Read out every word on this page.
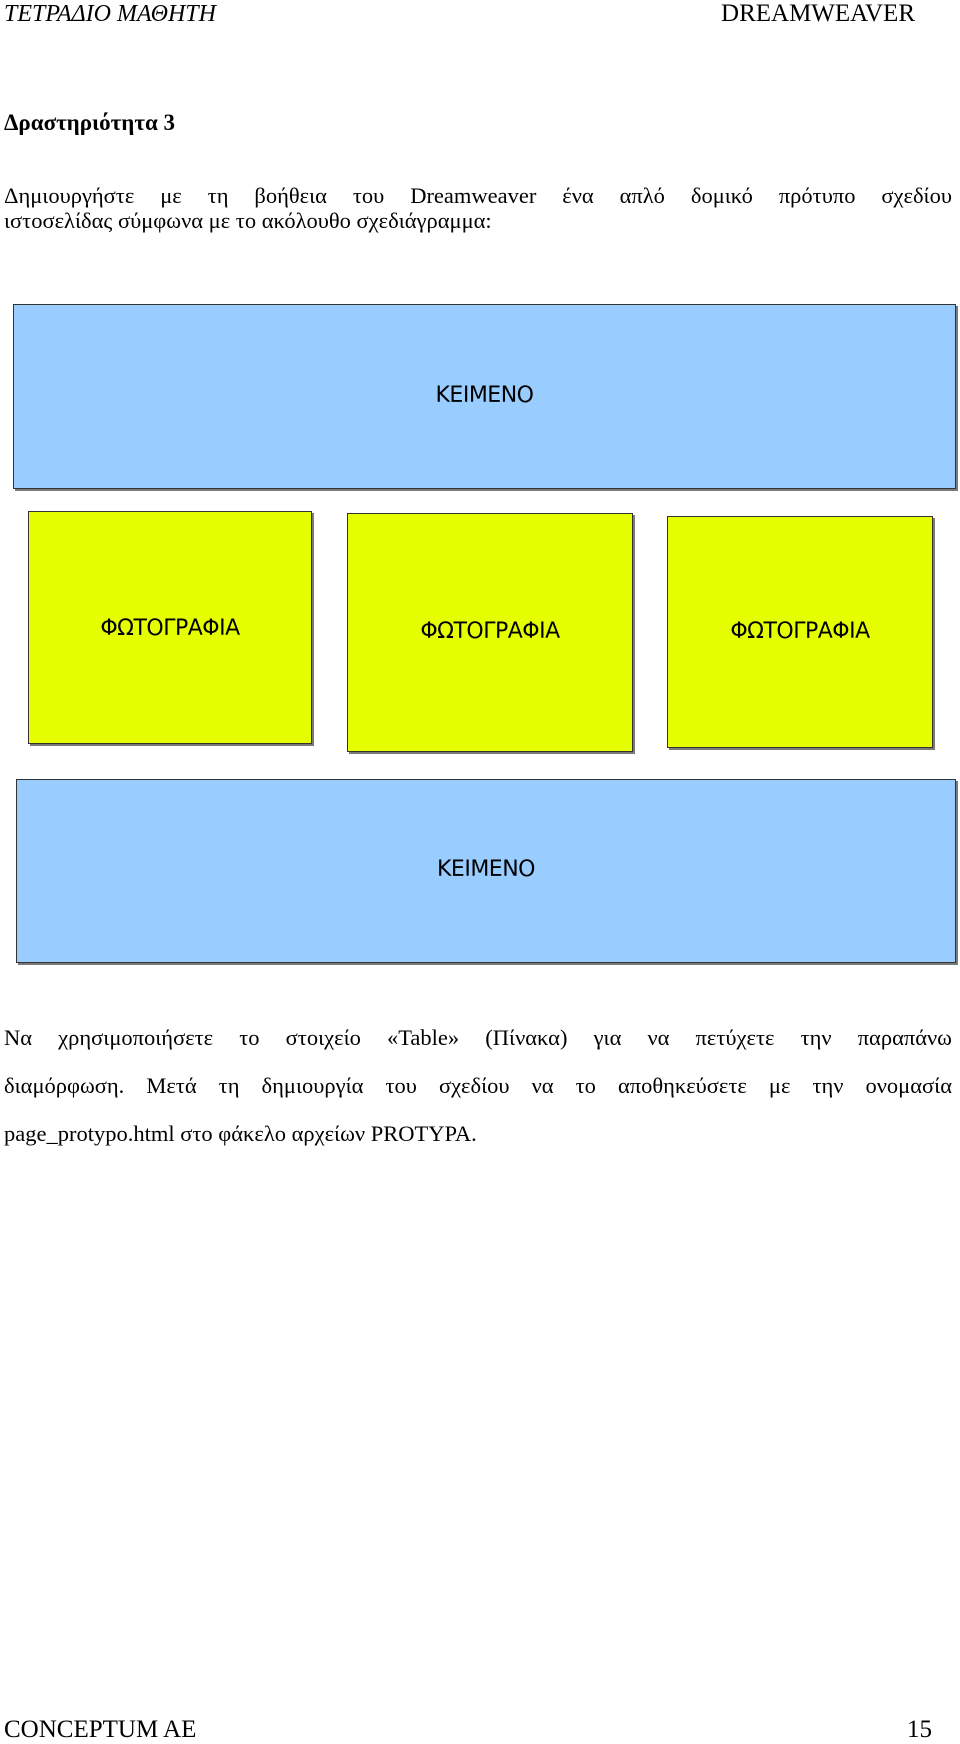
ΤΕΤΡΑΔΙΟ ΜΑΘΗΤΗ	DREAMWEAVER
Δραστηριότητα 3
Δημιουργήστε με τη βοήθεια του Dreamweaver ένα απλό δομικό πρότυπο σχεδίου
ιστοσελίδας σύμφωνα με το ακόλουθο σχεδιάγραμμα:
ΚΕΙΜΕΝΟ
ΦΩΤΟΓΡΑΦΙΑ	ΦΩΤΟΓΡΑΦΙΑ	ΦΩΤΟΓΡΑΦΙΑ
ΚΕΙΜΕΝΟ
Να χρησιμοποιήσετε το στοιχείο «Table» (Πίνακα) για να πετύχετε την παραπάνω
διαμόρφωση. Μετά τη δημιουργία του σχεδίου να το αποθηκεύσετε με την ονομασία
page_protypo.html στο φάκελο αρχείων PROTYPA.
CONCEPTUM AE	15
